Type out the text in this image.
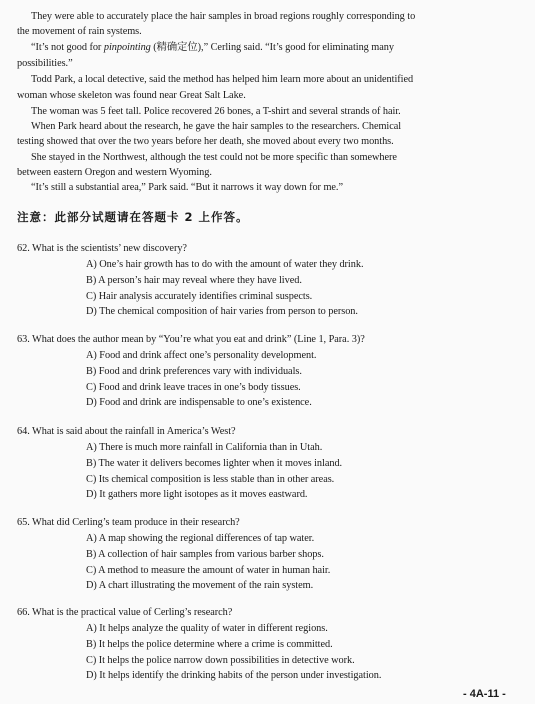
They were able to accurately place the hair samples in broad regions roughly corresponding to
the movement of rain systems.
“It’s not good for pinpointing (精确定位),” Cerling said. “It’s good for eliminating many
possibilities.”
Todd Park, a local detective, said the method has helped him learn more about an unidentified
woman whose skeleton was found near Great Salt Lake.
The woman was 5 feet tall. Police recovered 26 bones, a T-shirt and several strands of hair.
When Park heard about the research, he gave the hair samples to the researchers. Chemical
testing showed that over the two years before her death, she moved about every two months.
She stayed in the Northwest, although the test could not be more specific than somewhere
between eastern Oregon and western Wyoming.
“It’s still a substantial area,” Park said. “But it narrows it way down for me.”
注意：此部分试题请在答题卡 2 上作答。
62. What is the scientists’ new discovery?
A) One’s hair growth has to do with the amount of water they drink.
B) A person’s hair may reveal where they have lived.
C) Hair analysis accurately identifies criminal suspects.
D) The chemical composition of hair varies from person to person.
63. What does the author mean by “You’re what you eat and drink” (Line 1, Para. 3)?
A) Food and drink affect one’s personality development.
B) Food and drink preferences vary with individuals.
C) Food and drink leave traces in one’s body tissues.
D) Food and drink are indispensable to one’s existence.
64. What is said about the rainfall in America’s West?
A) There is much more rainfall in California than in Utah.
B) The water it delivers becomes lighter when it moves inland.
C) Its chemical composition is less stable than in other areas.
D) It gathers more light isotopes as it moves eastward.
65. What did Cerling’s team produce in their research?
A) A map showing the regional differences of tap water.
B) A collection of hair samples from various barber shops.
C) A method to measure the amount of water in human hair.
D) A chart illustrating the movement of the rain system.
66. What is the practical value of Cerling’s research?
A) It helps analyze the quality of water in different regions.
B) It helps the police determine where a crime is committed.
C) It helps the police narrow down possibilities in detective work.
D) It helps identify the drinking habits of the person under investigation.
- 4A-11 -
